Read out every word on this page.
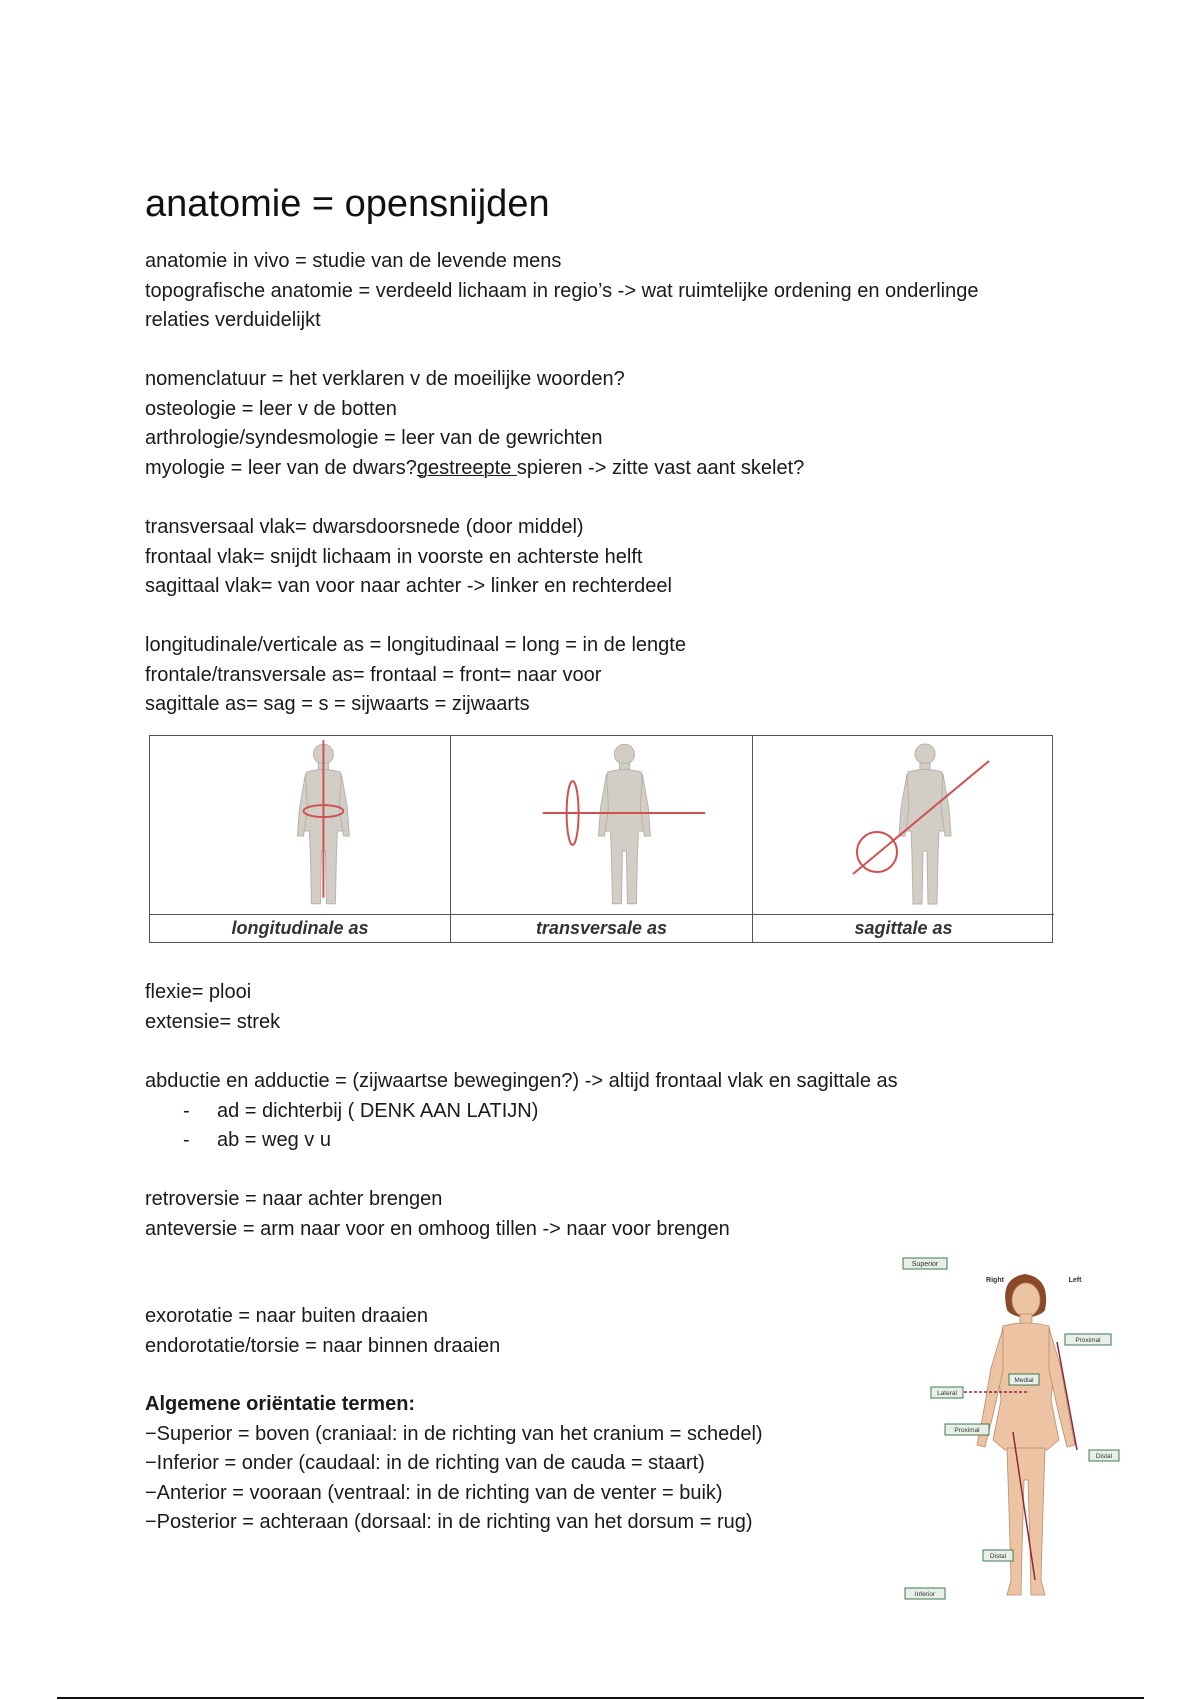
anatomie = opensnijden
anatomie in vivo = studie van de levende mens
topografische anatomie = verdeeld lichaam in regio’s -> wat ruimtelijke ordening en onderlinge relaties verduidelijkt
nomenclatuur = het verklaren v de moeilijke woorden?
osteologie = leer v de botten
arthrologie/syndesmologie = leer van de gewrichten
myologie = leer van de dwars?gestreepte spieren -> zitte vast aant skelet?
transversaal vlak= dwarsdoorsnede (door middel)
frontaal vlak= snijdt lichaam in voorste en achterste helft
sagittaal vlak= van voor naar achter -> linker en rechterdeel
longitudinale/verticale as = longitudinaal = long = in de lengte
frontale/transversale as= frontaal = front= naar voor
sagittale as= sag = s = sijwaarts = zijwaarts
longitudinale as	transversale as	sagittale as
flexie= plooi
extensie= strek
abductie en adductie = (zijwaartse bewegingen?) -> altijd frontaal vlak en sagittale as
- ad = dichterbij ( DENK AAN LATIJN)
- ab = weg v u
retroversie = naar achter brengen
anteversie = arm naar voor en omhoog tillen -> naar voor brengen
exorotatie = naar buiten draaien
endorotatie/torsie = naar binnen draaien
Algemene oriëntatie termen:
−Superior = boven (craniaal: in de richting van het cranium = schedel)
−Inferior = onder (caudaal: in de richting van de cauda = staart)
−Anterior = vooraan (ventraal: in de richting van de venter = buik)
−Posterior = achteraan (dorsaal: in de richting van het dorsum = rug)
Superior
Right	Left
Proximal
Distal
Lateral
Medial
Proximal
Distal
Inferior
